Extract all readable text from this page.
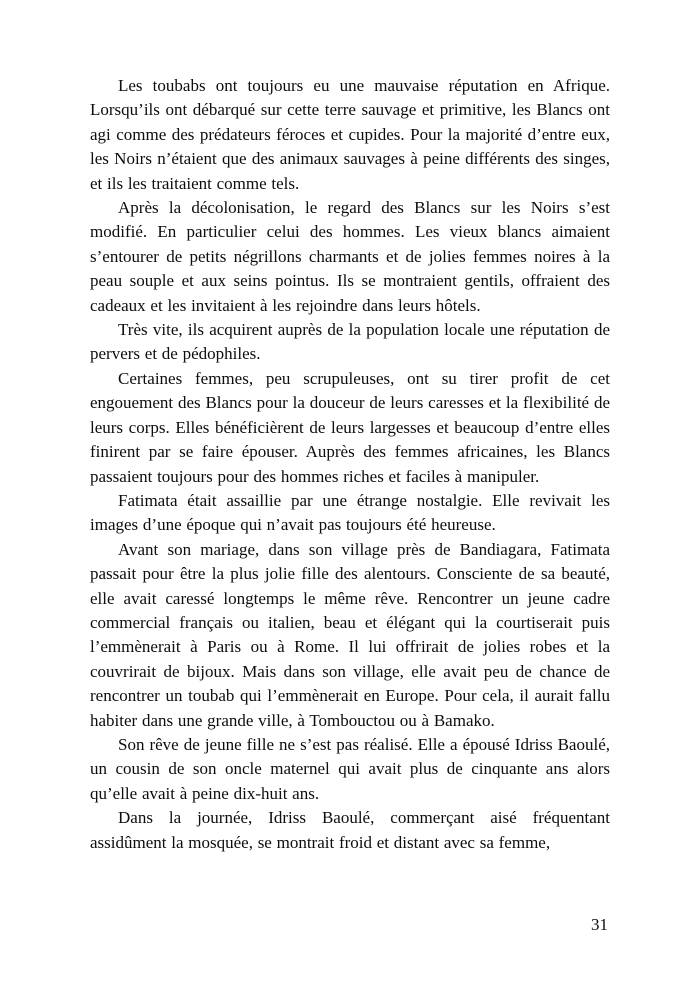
Les toubabs ont toujours eu une mauvaise réputation en Afrique. Lorsqu’ils ont débarqué sur cette terre sauvage et primitive, les Blancs ont agi comme des prédateurs féroces et cupides. Pour la majorité d’entre eux, les Noirs n’étaient que des animaux sauvages à peine différents des singes, et ils les traitaient comme tels.

Après la décolonisation, le regard des Blancs sur les Noirs s’est modifié. En particulier celui des hommes. Les vieux blancs aimaient s’entourer de petits négrillons charmants et de jolies femmes noires à la peau souple et aux seins pointus. Ils se montraient gentils, offraient des cadeaux et les invitaient à les rejoindre dans leurs hôtels.

Très vite, ils acquirent auprès de la population locale une réputation de pervers et de pédophiles.

Certaines femmes, peu scrupuleuses, ont su tirer profit de cet engouement des Blancs pour la douceur de leurs caresses et la flexibilité de leurs corps. Elles bénéficièrent de leurs largesses et beaucoup d’entre elles finirent par se faire épouser. Auprès des femmes africaines, les Blancs passaient toujours pour des hommes riches et faciles à manipuler.

Fatimata était assaillie par une étrange nostalgie. Elle revivait les images d’une époque qui n’avait pas toujours été heureuse.

Avant son mariage, dans son village près de Bandiagara, Fatimata passait pour être la plus jolie fille des alentours. Consciente de sa beauté, elle avait caressé longtemps le même rêve. Rencontrer un jeune cadre commercial français ou italien, beau et élégant qui la courtiserait puis l’emmènerait à Paris ou à Rome. Il lui offrirait de jolies robes et la couvrirait de bijoux. Mais dans son village, elle avait peu de chance de rencontrer un toubab qui l’emmènerait en Europe. Pour cela, il aurait fallu habiter dans une grande ville, à Tombouctou ou à Bamako.

Son rêve de jeune fille ne s’est pas réalisé. Elle a épousé Idriss Baoulé, un cousin de son oncle maternel qui avait plus de cinquante ans alors qu’elle avait à peine dix-huit ans.

Dans la journée, Idriss Baoulé, commerçant aisé fréquentant assidûment la mosquée, se montrait froid et distant avec sa femme,

31
